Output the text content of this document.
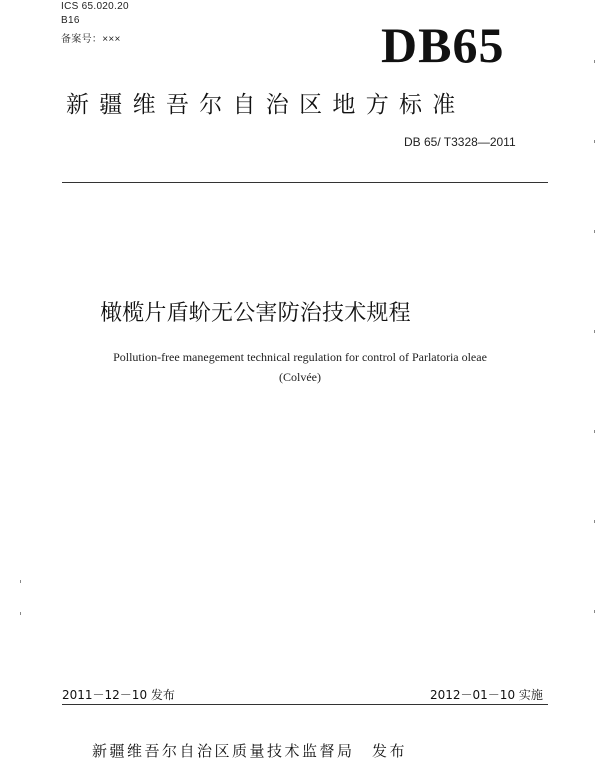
ICS 65.020.20
B16
备案号：×××	DB65
新疆维吾尔自治区地方标准
DB 65/ T3328—2011
橄榄片盾蚧无公害防治技术规程
Pollution-free manegement technical regulation for control of Parlatoria oleae
(Colvée)
2011－12－10 发布	2012－01－10 实施
新疆维吾尔自治区质量技术监督局　发布
